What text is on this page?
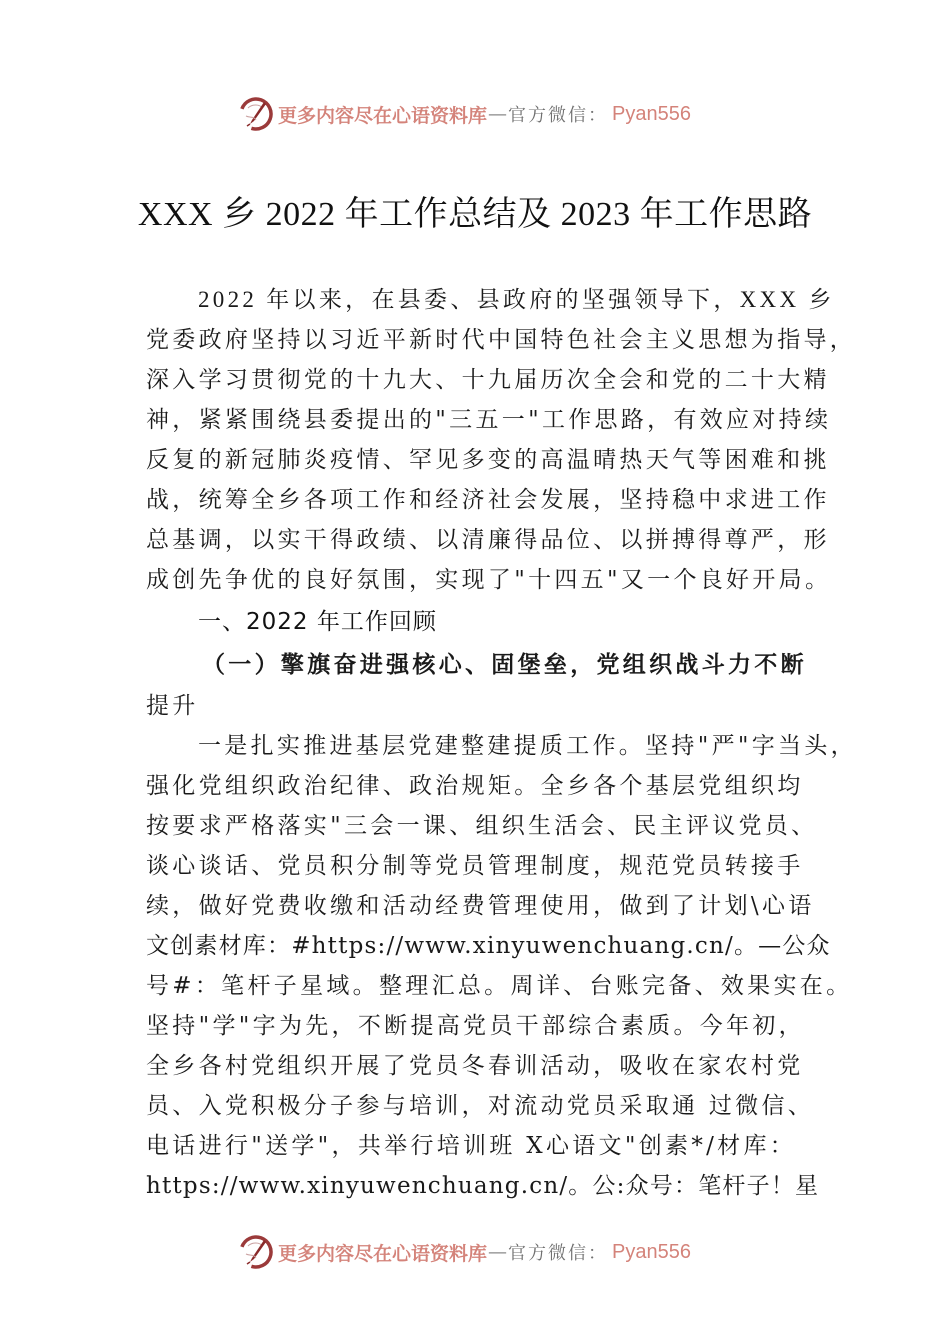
更多内容尽在心语资料库 — 官方微信： Pyan556
XXX 乡 2022 年工作总结及 2023 年工作思路
2022 年以来，在县委、县政府的坚强领导下，XXX 乡
党委政府坚持以习近平新时代中国特色社会主义思想为指导，
深入学习贯彻党的十九大、十九届历次全会和党的二十大精
神，紧紧围绕县委提出的"三五一"工作思路，有效应对持续
反复的新冠肺炎疫情、罕见多变的高温晴热天气等困难和挑
战，统筹全乡各项工作和经济社会发展，坚持稳中求进工作
总基调，以实干得政绩、以清廉得品位、以拼搏得尊严，形
成创先争优的良好氛围，实现了"十四五"又一个良好开局。
一、2022 年工作回顾
（一）擎旗奋进强核心、固堡垒，党组织战斗力不断
提升
一是扎实推进基层党建整建提质工作。坚持"严"字当头，
强化党组织政治纪律、政治规矩。全乡各个基层党组织均
按要求严格落实"三会一课、组织生活会、民主评议党员、
谈心谈话、党员积分制等党员管理制度，规范党员转接手
续，做好党费收缴和活动经费管理使用，做到了计划\心语
文创素材库：#https://www.xinyuwenchuang.cn/。—公众
号#：笔杆子星域。整理汇总。周详、台账完备、效果实在。
坚持"学"字为先，不断提高党员干部综合素质。今年初，
全乡各村党组织开展了党员冬春训活动，吸收在家农村党
员、入党积极分子参与培训，对流动党员采取通 过微信、
电话进行"送学"，共举行培训班 X心语文"创素*/材库：
https://www.xinyuwenchuang.cn/。公:众号：笔杆子！星
更多内容尽在心语资料库 — 官方微信： Pyan556
